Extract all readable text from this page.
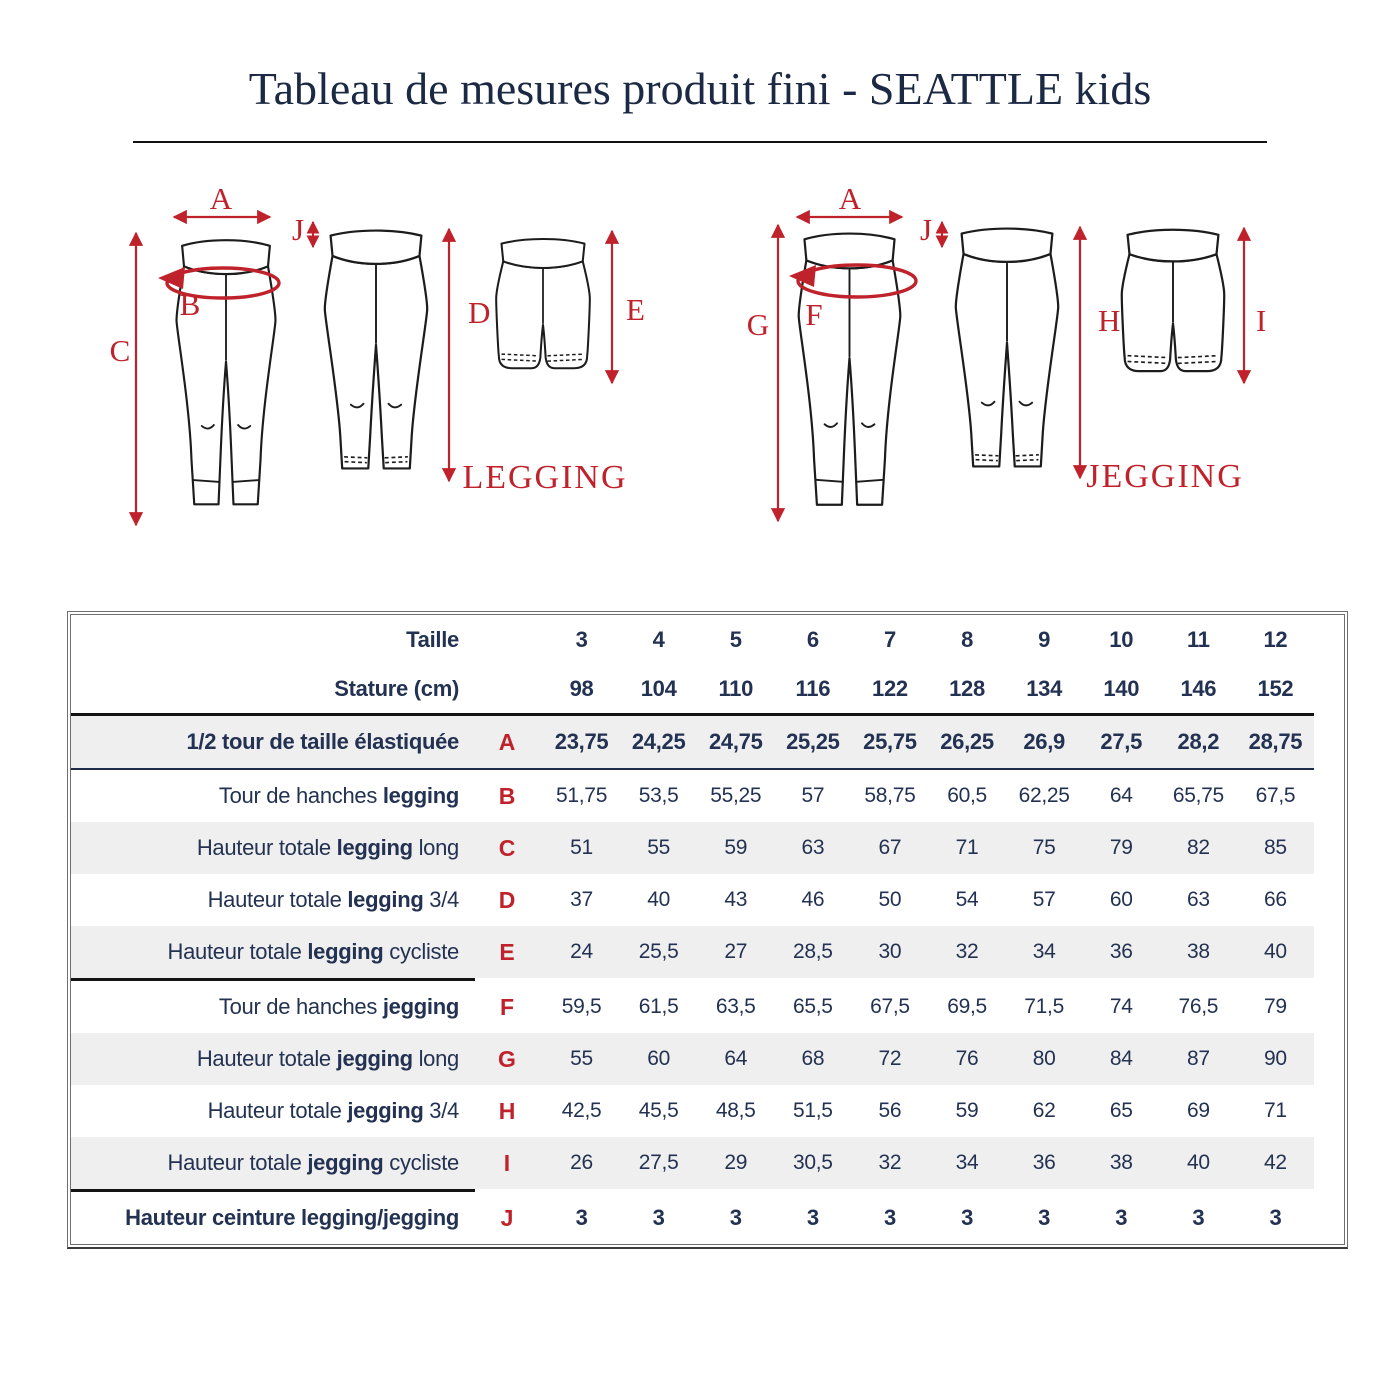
Tableau de mesures produit fini - SEATTLE kids
A
C
B
J
D	E
LEGGING
A
G F
J
H	I
JEGGING
Taille	3	4	5	6	7	8	9	10	11	12
Stature (cm)	98	104	110	116	122	128	134	140	146	152
1/2 tour de taille élastiquée	A	23,75	24,25	24,75	25,25	25,75	26,25	26,9	27,5	28,2	28,75
Tour de hanches legging	B	51,75	53,5	55,25	57	58,75	60,5	62,25	64	65,75	67,5
Hauteur totale legging long	C	51	55	59	63	67	71	75	79	82	85
Hauteur totale legging 3/4	D	37	40	43	46	50	54	57	60	63	66
Hauteur totale legging cycliste	E	24	25,5	27	28,5	30	32	34	36	38	40
Tour de hanches jegging	F	59,5	61,5	63,5	65,5	67,5	69,5	71,5	74	76,5	79
Hauteur totale jegging long	G	55	60	64	68	72	76	80	84	87	90
Hauteur totale jegging 3/4	H	42,5	45,5	48,5	51,5	56	59	62	65	69	71
Hauteur totale jegging cycliste	I	26	27,5	29	30,5	32	34	36	38	40	42
Hauteur ceinture legging/jegging	J	3	3	3	3	3	3	3	3	3	3
